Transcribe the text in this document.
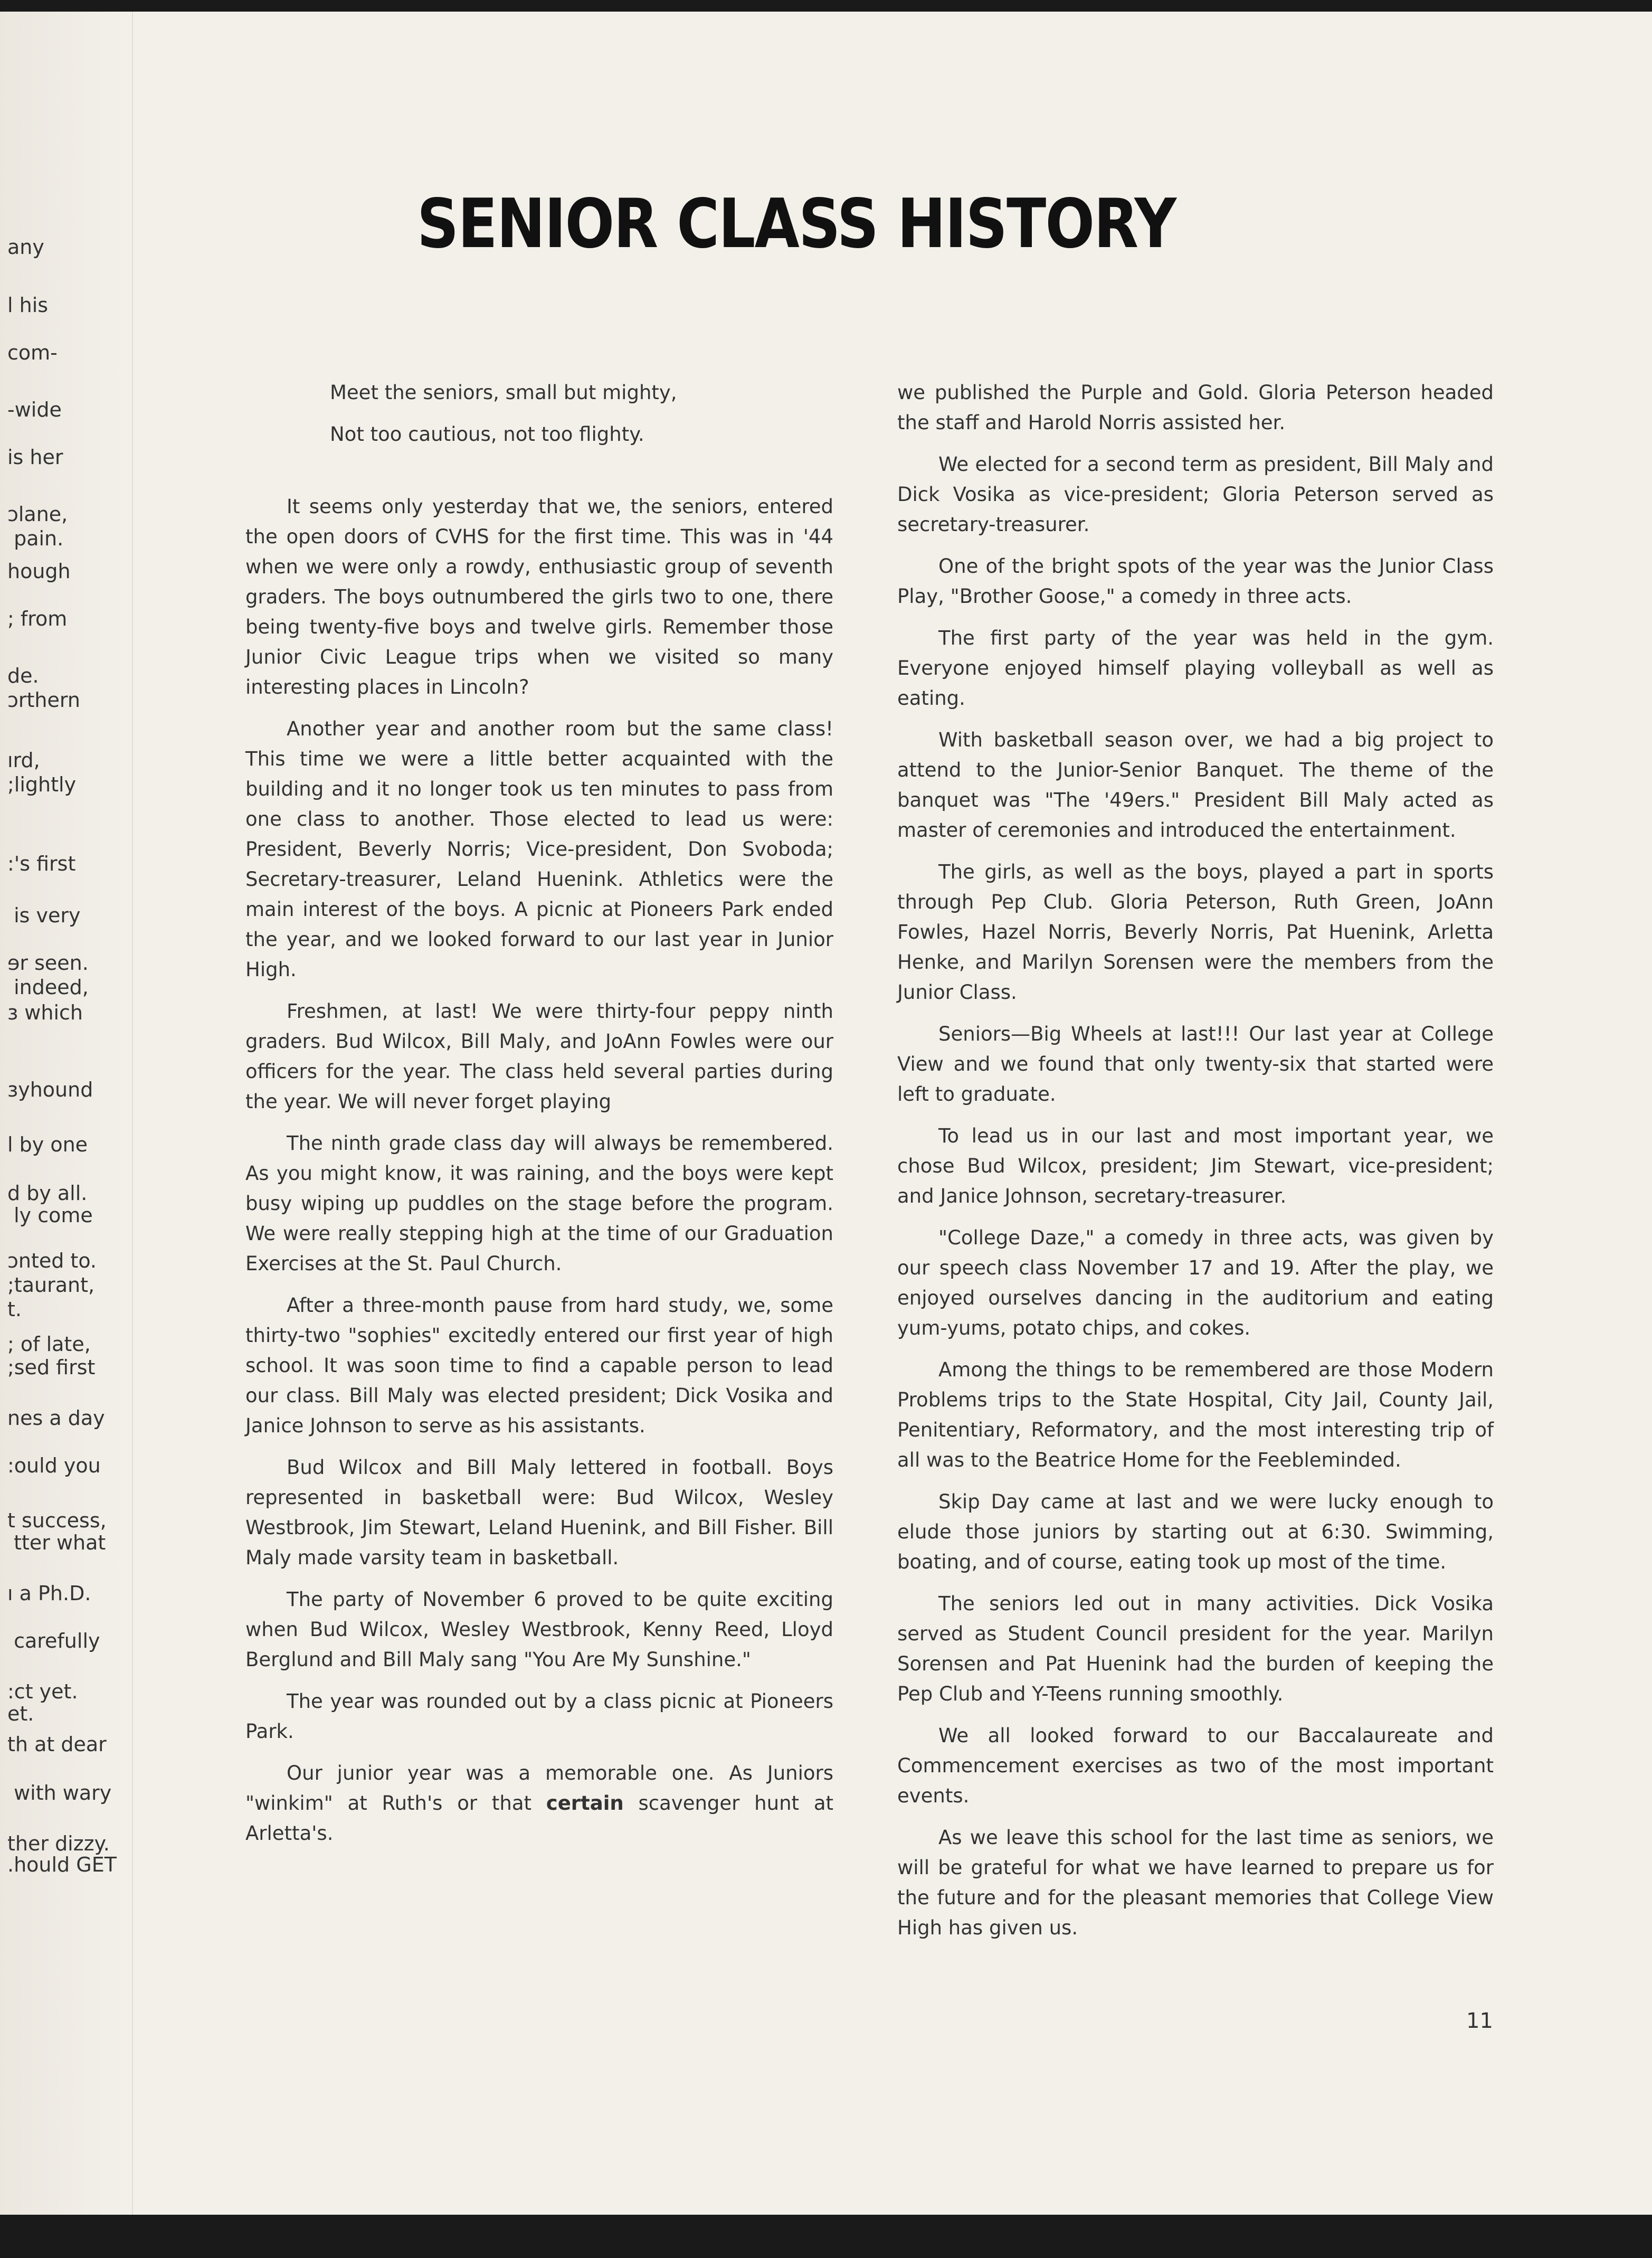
any
l his
com-
-wide
is her
ɔlane,
pain.
hough
; from
de.
ɔrthern
ırd,
;lightly
:'s first
is very
ɘr seen.
indeed,
ɜ which
ɜyhound
l by one
d by all.
ly come
ɔnted to.
;taurant,
t.
; of late,
;sed first
nes a day
:ould you
t success,
tter what
ı a Ph.D.
carefully
:ct yet.
et.
th at dear
with wary
ther dizzy.
.hould GET
SENIOR CLASS HISTORY

Meet the seniors, small but mighty,

Not too cautious, not too flighty.

It seems only yesterday that we, the seniors, entered the open doors of CVHS for the first time. This was in '44 when we were only a rowdy, enthusiastic group of seventh graders. The boys outnumbered the girls two to one, there being twenty-five boys and twelve girls. Remember those Junior Civic League trips when we visited so many interesting places in Lincoln?

Another year and another room but the same class! This time we were a little better acquainted with the building and it no longer took us ten minutes to pass from one class to another. Those elected to lead us were: President, Beverly Norris; Vice-president, Don Svoboda; Secretary-treasurer, Leland Huenink. Athletics were the main interest of the boys. A picnic at Pioneers Park ended the year, and we looked forward to our last year in Junior High.

Freshmen, at last! We were thirty-four peppy ninth graders. Bud Wilcox, Bill Maly, and JoAnn Fowles were our officers for the year. The class held several parties during the year. We will never forget playing

The ninth grade class day will always be remembered. As you might know, it was raining, and the boys were kept busy wiping up puddles on the stage before the program. We were really stepping high at the time of our Graduation Exercises at the St. Paul Church.

After a three-month pause from hard study, we, some thirty-two "sophies" excitedly entered our first year of high school. It was soon time to find a capable person to lead our class. Bill Maly was elected president; Dick Vosika and Janice Johnson to serve as his assistants.

Bud Wilcox and Bill Maly lettered in football. Boys represented in basketball were: Bud Wilcox, Wesley Westbrook, Jim Stewart, Leland Huenink, and Bill Fisher. Bill Maly made varsity team in basketball.

The party of November 6 proved to be quite exciting when Bud Wilcox, Wesley Westbrook, Kenny Reed, Lloyd Berglund and Bill Maly sang "You Are My Sunshine."

The year was rounded out by a class picnic at Pioneers Park.

Our junior year was a memorable one. As Juniors "winkim" at Ruth's or that certain scavenger hunt at Arletta's.

we published the Purple and Gold. Gloria Peterson headed the staff and Harold Norris assisted her.

We elected for a second term as president, Bill Maly and Dick Vosika as vice-president; Gloria Peterson served as secretary-treasurer.

One of the bright spots of the year was the Junior Class Play, "Brother Goose," a comedy in three acts.

The first party of the year was held in the gym. Everyone enjoyed himself playing volleyball as well as eating.

With basketball season over, we had a big project to attend to the Junior-Senior Banquet. The theme of the banquet was "The '49ers." President Bill Maly acted as master of ceremonies and introduced the entertainment.

The girls, as well as the boys, played a part in sports through Pep Club. Gloria Peterson, Ruth Green, JoAnn Fowles, Hazel Norris, Beverly Norris, Pat Huenink, Arletta Henke, and Marilyn Sorensen were the members from the Junior Class.

Seniors—Big Wheels at last!!! Our last year at College View and we found that only twenty-six that started were left to graduate.

To lead us in our last and most important year, we chose Bud Wilcox, president; Jim Stewart, vice-president; and Janice Johnson, secretary-treasurer.

"College Daze," a comedy in three acts, was given by our speech class November 17 and 19. After the play, we enjoyed ourselves dancing in the auditorium and eating yum-yums, potato chips, and cokes.

Among the things to be remembered are those Modern Problems trips to the State Hospital, City Jail, County Jail, Penitentiary, Reformatory, and the most interesting trip of all was to the Beatrice Home for the Feebleminded.

Skip Day came at last and we were lucky enough to elude those juniors by starting out at 6:30. Swimming, boating, and of course, eating took up most of the time.

The seniors led out in many activities. Dick Vosika served as Student Council president for the year. Marilyn Sorensen and Pat Huenink had the burden of keeping the Pep Club and Y-Teens running smoothly.

We all looked forward to our Baccalaureate and Commencement exercises as two of the most important events.

As we leave this school for the last time as seniors, we will be grateful for what we have learned to prepare us for the future and for the pleasant memories that College View High has given us.

11
